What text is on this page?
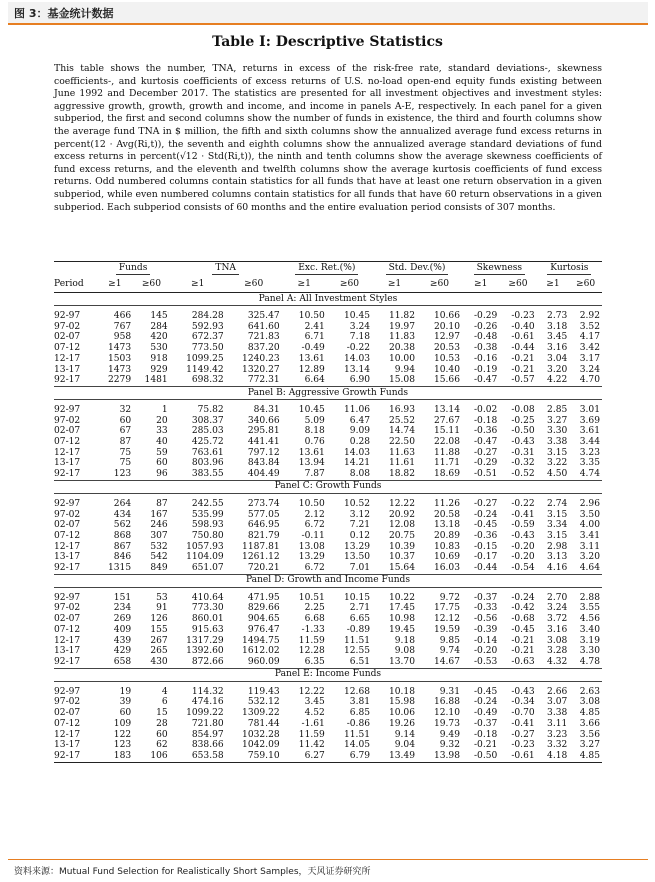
图 3：基金统计数据
Table I: Descriptive Statistics

This table shows the number, TNA, returns in excess of the risk-free rate, standard deviations-, skewness coefficients-, and kurtosis coefficients of excess returns of U.S. no-load open-end equity funds existing between June 1992 and December 2017. The statistics are presented for all investment objectives and investment styles: aggressive growth, growth, growth and income, and income in panels A-E, respectively. In each panel for a given subperiod, the first and second columns show the number of funds in existence, the third and fourth columns show the average fund TNA in $ million, the fifth and sixth columns show the annualized average fund excess returns in percent(12 · Avg(Ri,t)), the seventh and eighth columns show the annualized average standard deviations of fund excess returns in percent(√12 · Std(Ri,t)), the ninth and tenth columns show the average skewness coefficients of fund excess returns, and the eleventh and twelfth columns show the average kurtosis coefficients of fund excess returns. Odd numbered columns contain statistics for all funds that have at least one return observation in a given subperiod, while even numbered columns contain statistics for all funds that have 60 return observations in a given subperiod. Each subperiod consists of 60 months and the entire evaluation period consists of 307 months.

	Funds		TNA		Exc. Ret.(%)		Std. Dev.(%)		Skewness		Kurtosis	
Period	≥1	≥60	≥1	≥60	≥1	≥60	≥1	≥60	≥1	≥60	≥1	≥60
Panel A: All Investment Styles												

92-97	466	145	284.28	325.47	10.50	10.45	11.82	10.66	-0.29	-0.23	2.73	2.92
97-02	767	284	592.93	641.60	2.41	3.24	19.97	20.10	-0.26	-0.40	3.18	3.52
02-07	958	420	672.37	721.83	6.71	7.18	11.83	12.97	-0.48	-0.61	3.45	4.17
07-12	1473	530	773.50	837.20	-0.49	-0.22	20.38	20.53	-0.38	-0.44	3.16	3.42
12-17	1503	918	1099.25	1240.23	13.61	14.03	10.00	10.53	-0.16	-0.21	3.04	3.17
13-17	1473	929	1149.42	1320.27	12.89	13.14	9.94	10.40	-0.19	-0.21	3.20	3.24
92-17	2279	1481	698.32	772.31	6.64	6.90	15.08	15.66	-0.47	-0.57	4.22	4.70
Panel B: Aggressive Growth Funds												

92-97	32	1	75.82	84.31	10.45	11.06	16.93	13.14	-0.02	-0.08	2.85	3.01
97-02	60	20	308.37	340.66	5.09	6.47	25.52	27.67	-0.18	-0.25	3.27	3.69
02-07	67	33	285.03	295.81	8.18	9.09	14.74	15.11	-0.36	-0.50	3.30	3.61
07-12	87	40	425.72	441.41	0.76	0.28	22.50	22.08	-0.47	-0.43	3.38	3.44
12-17	75	59	763.61	797.12	13.61	14.03	11.63	11.88	-0.27	-0.31	3.15	3.23
13-17	75	60	803.96	843.84	13.94	14.21	11.61	11.71	-0.29	-0.32	3.22	3.35
92-17	123	96	383.55	404.49	7.87	8.08	18.82	18.69	-0.51	-0.52	4.50	4.74
Panel C: Growth Funds												

92-97	264	87	242.55	273.74	10.50	10.52	12.22	11.26	-0.27	-0.22	2.74	2.96
97-02	434	167	535.99	577.05	2.12	3.12	20.92	20.58	-0.24	-0.41	3.15	3.50
02-07	562	246	598.93	646.95	6.72	7.21	12.08	13.18	-0.45	-0.59	3.34	4.00
07-12	868	307	750.80	821.79	-0.11	0.12	20.75	20.89	-0.36	-0.43	3.15	3.41
12-17	867	532	1057.93	1187.81	13.08	13.29	10.39	10.83	-0.15	-0.20	2.98	3.11
13-17	846	542	1104.09	1261.12	13.29	13.50	10.37	10.69	-0.17	-0.20	3.13	3.20
92-17	1315	849	651.07	720.21	6.72	7.01	15.64	16.03	-0.44	-0.54	4.16	4.64
Panel D: Growth and Income Funds												

92-97	151	53	410.64	471.95	10.51	10.15	10.22	9.72	-0.37	-0.24	2.70	2.88
97-02	234	91	773.30	829.66	2.25	2.71	17.45	17.75	-0.33	-0.42	3.24	3.55
02-07	269	126	860.01	904.65	6.68	6.65	10.98	12.12	-0.56	-0.68	3.72	4.56
07-12	409	155	915.63	976.47	-1.33	-0.89	19.45	19.59	-0.39	-0.45	3.16	3.40
12-17	439	267	1317.29	1494.75	11.59	11.51	9.18	9.85	-0.14	-0.21	3.08	3.19
13-17	429	265	1392.60	1612.02	12.28	12.55	9.08	9.74	-0.20	-0.21	3.28	3.30
92-17	658	430	872.66	960.09	6.35	6.51	13.70	14.67	-0.53	-0.63	4.32	4.78
Panel E: Income Funds												

92-97	19	4	114.32	119.43	12.22	12.68	10.18	9.31	-0.45	-0.43	2.66	2.63
97-02	39	6	474.16	532.12	3.45	3.81	15.98	16.88	-0.24	-0.34	3.07	3.08
02-07	60	15	1099.22	1309.22	4.52	6.85	10.06	12.10	-0.49	-0.70	3.38	4.85
07-12	109	28	721.80	781.44	-1.61	-0.86	19.26	19.73	-0.37	-0.41	3.11	3.66
12-17	122	60	854.97	1032.28	11.59	11.51	9.14	9.49	-0.18	-0.27	3.23	3.56
13-17	123	62	838.66	1042.09	11.42	14.05	9.04	9.32	-0.21	-0.23	3.32	3.27
92-17	183	106	653.58	759.10	6.27	6.79	13.49	13.98	-0.50	-0.61	4.18	4.85
资料来源：Mutual Fund Selection for Realistically Short Samples，天风证券研究所
